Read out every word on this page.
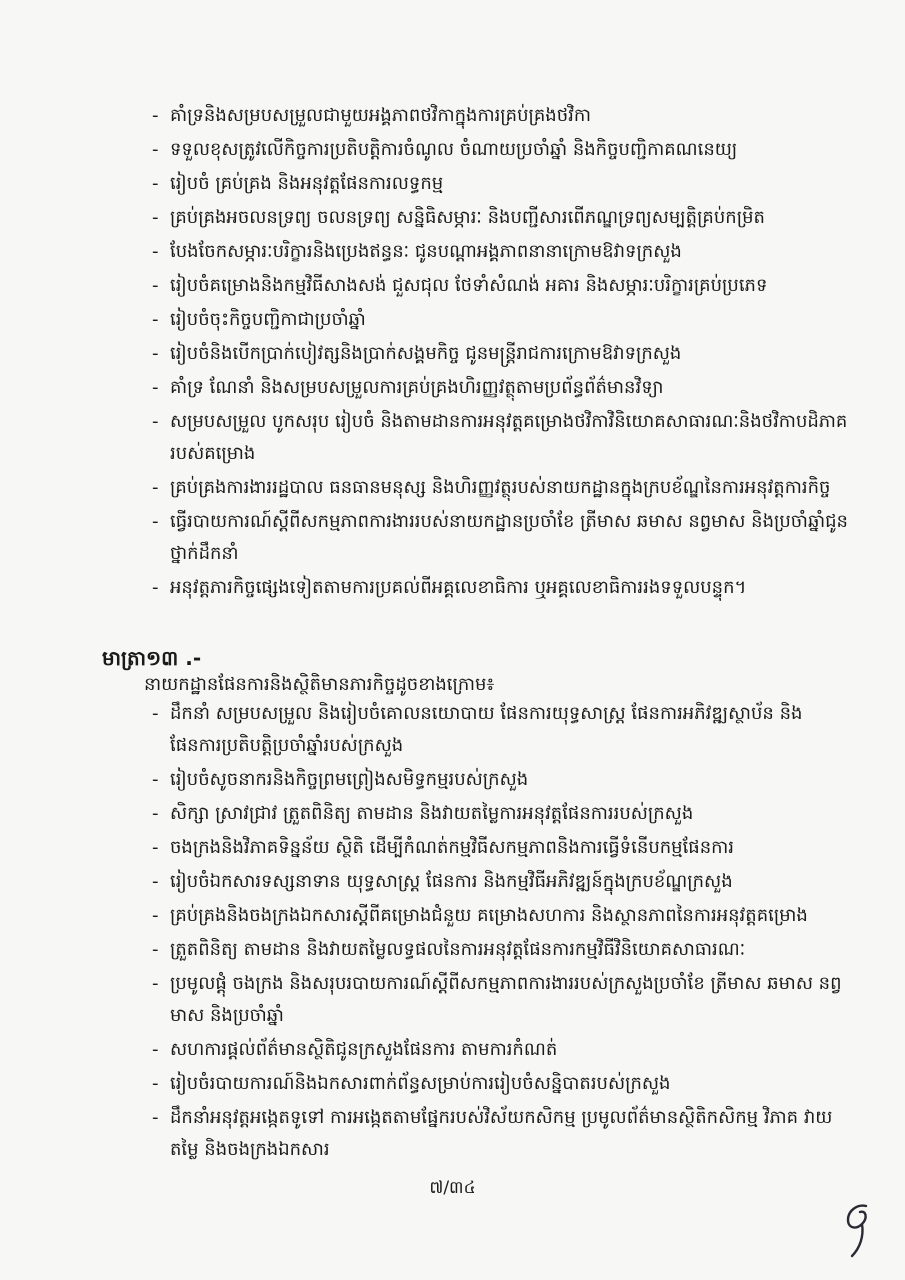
- គាំទ្រនិងសម្របសម្រួលជាមួយអង្គភាពថវិកាក្នុងការគ្រប់គ្រងថវិកា
- ទទួលខុសត្រូវលើកិច្ចការប្រតិបត្តិការចំណូល ចំណាយប្រចាំឆ្នាំ និងកិច្ចបញ្ជិកាគណនេយ្យ
- រៀបចំ គ្រប់គ្រង និងអនុវត្តផែនការលទ្ធកម្ម
- គ្រប់គ្រងអចលនទ្រព្យ ចលនទ្រព្យ សន្និធិសម្ភារៈ និងបញ្ជីសារពើភណ្ឌទ្រព្យសម្បត្តិគ្រប់កម្រិត
- បែងចែកសម្ភារៈបរិក្ខារនិងប្រេងឥន្ធនៈ ជូនបណ្ដាអង្គភាពនានាក្រោមឱវាទក្រសួង
- រៀបចំគម្រោងនិងកម្មវិធីសាងសង់ ជួសជុល ថែទាំសំណង់ អគារ និងសម្ភារៈបរិក្ខារគ្រប់ប្រភេទ
- រៀបចំចុះកិច្ចបញ្ជិកាជាប្រចាំឆ្នាំ
- រៀបចំនិងបើកប្រាក់បៀវត្សនិងប្រាក់សង្គមកិច្ច ជូនមន្ត្រីរាជការក្រោមឱវាទក្រសួង
- គាំទ្រ ណែនាំ និងសម្របសម្រួលការគ្រប់គ្រងហិរញ្ញវត្ថុតាមប្រព័ន្ធព័ត៌មានវិទ្យា
- សម្របសម្រួល បូកសរុប រៀបចំ និងតាមដានការអនុវត្តគម្រោងថវិកាវិនិយោគសាធារណៈនិងថវិកាបដិភាគរបស់គម្រោង
- គ្រប់គ្រងការងាររដ្ឋបាល ធនធានមនុស្ស និងហិរញ្ញវត្ថុរបស់នាយកដ្ឋានក្នុងក្របខ័ណ្ឌនៃការអនុវត្តការកិច្ច
- ធ្វើរបាយការណ៍ស្ដីពីសកម្មភាពការងាររបស់នាយកដ្ឋានប្រចាំខែ ត្រីមាស ឆមាស នព្វមាស និងប្រចាំឆ្នាំជូនថ្នាក់ដឹកនាំ
- អនុវត្តភារកិច្ចផ្សេងទៀតតាមការប្រគល់ពីអគ្គលេខាធិការ ឬអគ្គលេខាធិការរងទទួលបន្ទុក។
មាត្រា១៣ .-
នាយកដ្ឋានផែនការនិងស្ថិតិមានភារកិច្ចដូចខាងក្រោម៖
- ដឹកនាំ សម្របសម្រួល និងរៀបចំគោលនយោបាយ ផែនការយុទ្ធសាស្ត្រ ផែនការអភិវឌ្ឍស្ថាប័ន និងផែនការប្រតិបត្តិប្រចាំឆ្នាំរបស់ក្រសួង
- រៀបចំសូចនាករនិងកិច្ចព្រមព្រៀងសមិទ្ធកម្មរបស់ក្រសួង
- សិក្សា ស្រាវជ្រាវ ត្រួតពិនិត្យ តាមដាន និងវាយតម្លៃការអនុវត្តផែនការរបស់ក្រសួង
- ចងក្រងនិងវិភាគទិន្នន័យ ស្ថិតិ ដើម្បីកំណត់កម្មវិធីសកម្មភាពនិងការធ្វើទំនើបកម្មផែនការ
- រៀបចំឯកសារទស្សនាទាន យុទ្ធសាស្ត្រ ផែនការ និងកម្មវិធីអភិវឌ្ឍន៍ក្នុងក្របខ័ណ្ឌក្រសួង
- គ្រប់គ្រងនិងចងក្រងឯកសារស្ដីពីគម្រោងជំនួយ គម្រោងសហការ និងស្ថានភាពនៃការអនុវត្តគម្រោង
- ត្រួតពិនិត្យ តាមដាន និងវាយតម្លៃលទ្ធផលនៃការអនុវត្តផែនការកម្មវិធីវិនិយោគសាធារណៈ
- ប្រមូលផ្ដុំ ចងក្រង និងសរុបរបាយការណ៍ស្ដីពីសកម្មភាពការងាររបស់ក្រសួងប្រចាំខែ ត្រីមាស ឆមាស នព្វមាស និងប្រចាំឆ្នាំ
- សហការផ្ដល់ព័ត៌មានស្ថិតិជូនក្រសួងផែនការ តាមការកំណត់
- រៀបចំរបាយការណ៍និងឯកសារពាក់ព័ន្ធសម្រាប់ការរៀបចំសន្និបាតរបស់ក្រសួង
- ដឹកនាំអនុវត្តអង្កេតទូទៅ ការអង្កេតតាមផ្នែករបស់វិស័យកសិកម្ម ប្រមូលព័ត៌មានស្ថិតិកសិកម្ម វិភាគ វាយតម្លៃ និងចងក្រងឯកសារ
៧/៣៤
